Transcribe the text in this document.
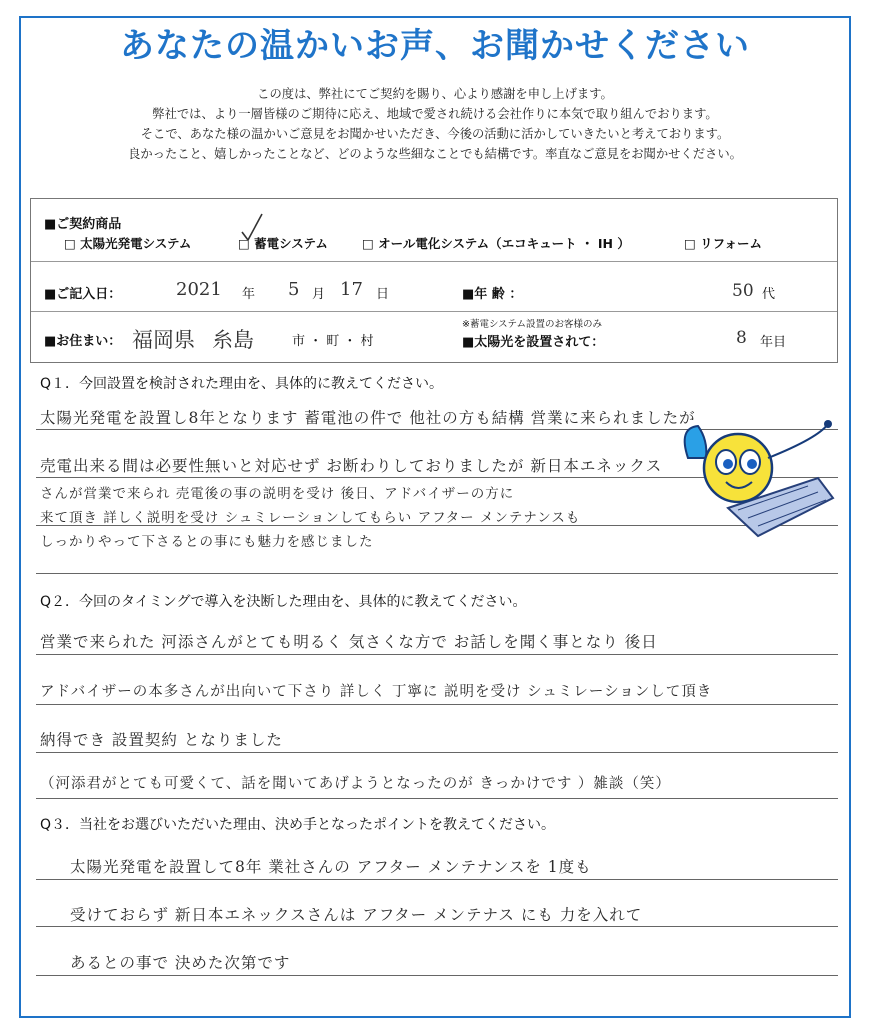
あなたの温かいお声、お聞かせください
この度は、弊社にてご契約を賜り、心より感謝を申し上げます。
弊社では、より一層皆様のご期待に応え、地域で愛され続ける会社作りに本気で取り組んでおります。
そこで、あなた様の温かいご意見をお聞かせいただき、今後の活動に活かしていきたいと考えております。
良かったこと、嬉しかったことなど、どのような些細なことでも結構です。率直なご意見をお聞かせください。
■ご契約商品
□ 太陽光発電システム	□ 蓄電システム	□ オール電化システム（エコキュート ・ IH ）	□ リフォーム
■ご記入日：	2021 年 5 月 17 日	■年 齢 ：	50 代
■お住まい： 福岡県 糸島	市 ・ 町 ・ 村
※蓄電システム設置のお客様のみ
■太陽光を設置されて：	8 年目
Q１．今回設置を検討された理由を、具体的に教えてください。
太陽光発電を設置し8年となります 蓄電池の件で 他社の方も結構 営業に来られましたが
売電出来る間は必要性無いと対応せず お断わりしておりましたが 新日本エネックス
さんが営業で来られ 売電後の事の説明を受け 後日、アドバイザーの方に
来て頂き 詳しく説明を受け シュミレーションしてもらい アフター メンテナンスも
しっかりやって下さるとの事にも魅力を感じました
Q２．今回のタイミングで導入を決断した理由を、具体的に教えてください。
営業で来られた 河添さんがとても明るく 気さくな方で お話しを聞く事となり 後日
アドバイザーの本多さんが出向いて下さり 詳しく 丁寧に 説明を受け シュミレーションして頂き
納得でき 設置契約 となりました
（河添君がとても可愛くて、話を聞いてあげようとなったのが きっかけです ）雑談（笑）
Q３．当社をお選びいただいた理由、決め手となったポイントを教えてください。
太陽光発電を設置して8年 業社さんの アフター メンテナンスを 1度も
受けておらず 新日本エネックスさんは アフター メンテナス にも 力を入れて
あるとの事で 決めた次第です
